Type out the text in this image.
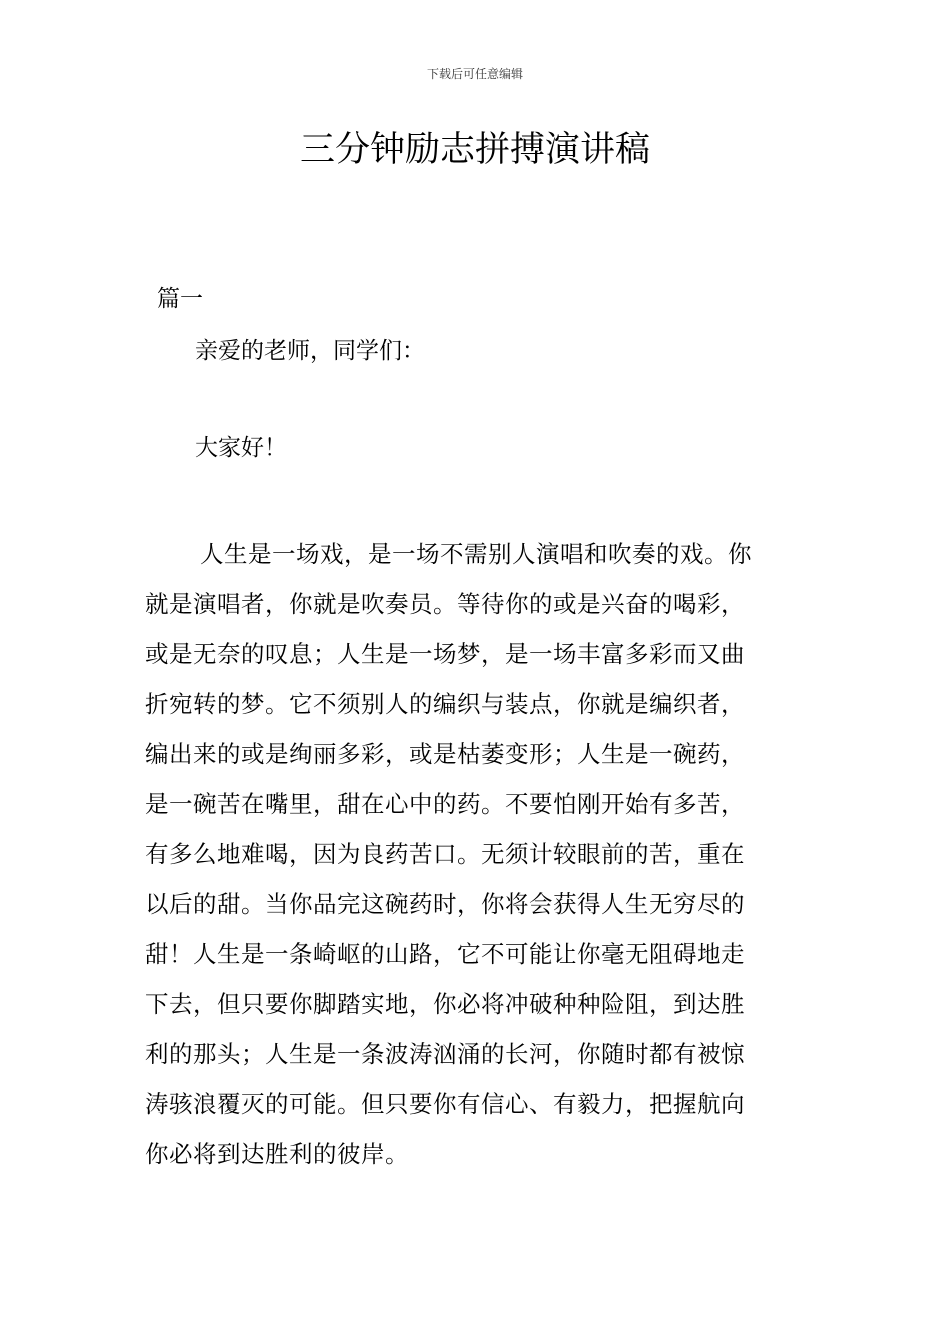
下载后可任意编辑
三分钟励志拼搏演讲稿
篇一
亲爱的老师，同学们：
大家好！
人生是一场戏，是一场不需别人演唱和吹奏的戏。你
就是演唱者，你就是吹奏员。等待你的或是兴奋的喝彩，
或是无奈的叹息；人生是一场梦，是一场丰富多彩而又曲
折宛转的梦。它不须别人的编织与装点，你就是编织者，
编出来的或是绚丽多彩，或是枯萎变形；人生是一碗药，
是一碗苦在嘴里，甜在心中的药。不要怕刚开始有多苦，
有多么地难喝，因为良药苦口。无须计较眼前的苦，重在
以后的甜。当你品完这碗药时，你将会获得人生无穷尽的
甜！人生是一条崎岖的山路，它不可能让你毫无阻碍地走
下去，但只要你脚踏实地，你必将冲破种种险阻，到达胜
利的那头；人生是一条波涛汹涌的长河，你随时都有被惊
涛骇浪覆灭的可能。但只要你有信心、有毅力，把握航向
你必将到达胜利的彼岸。
